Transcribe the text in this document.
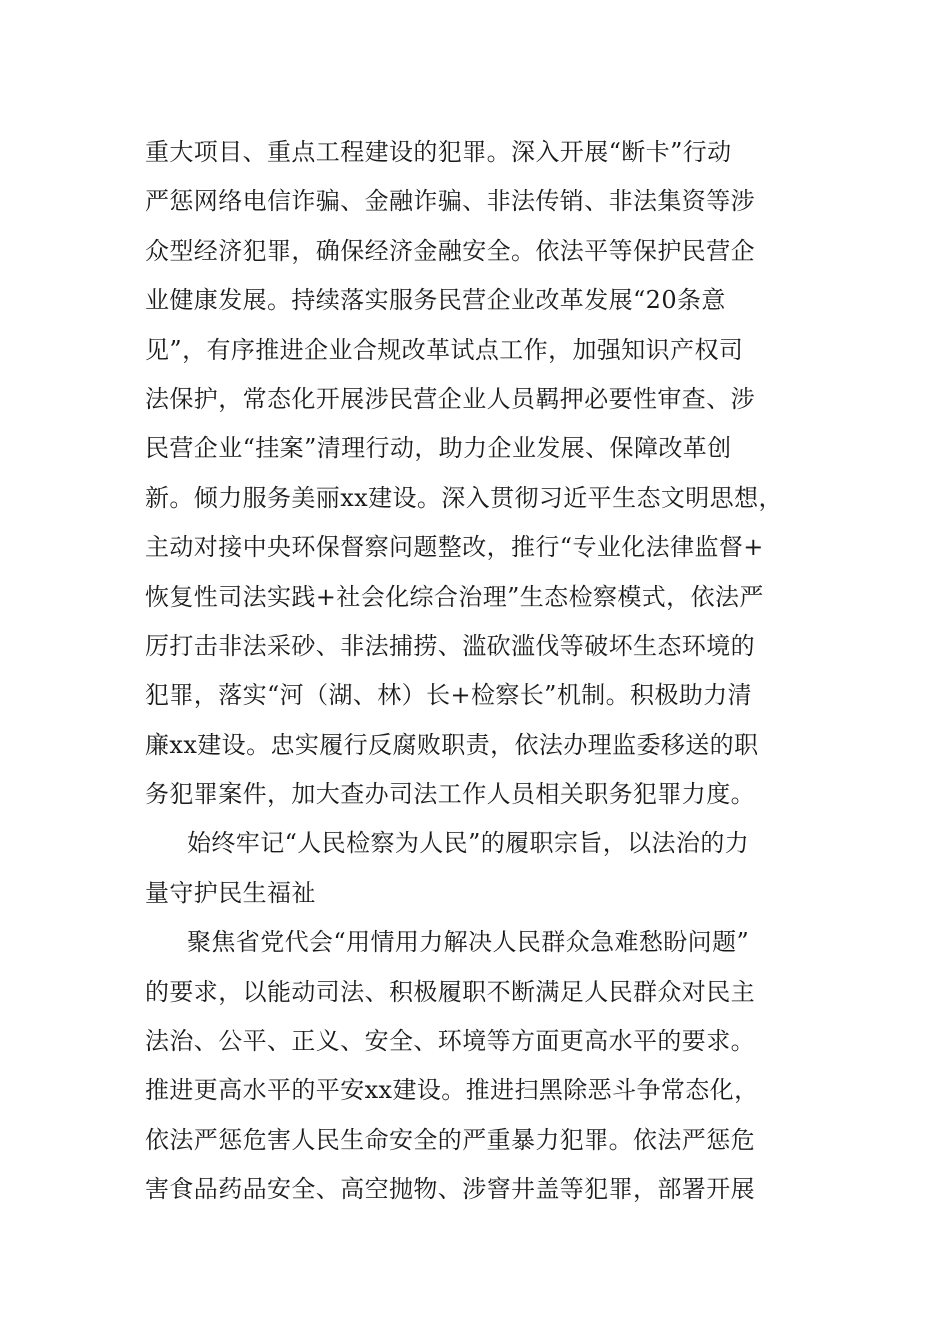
重大项目、重点工程建设的犯罪。深入开展“断卡”行动
严惩网络电信诈骗、金融诈骗、非法传销、非法集资等涉
众型经济犯罪，确保经济金融安全。依法平等保护民营企
业健康发展。持续落实服务民营企业改革发展“20条意
见”，有序推进企业合规改革试点工作，加强知识产权司
法保护，常态化开展涉民营企业人员羁押必要性审查、涉
民营企业“挂案”清理行动，助力企业发展、保障改革创
新。倾力服务美丽xx建设。深入贯彻习近平生态文明思想，
主动对接中央环保督察问题整改，推行“专业化法律监督+
恢复性司法实践+社会化综合治理”生态检察模式，依法严
厉打击非法采砂、非法捕捞、滥砍滥伐等破坏生态环境的
犯罪，落实“河（湖、林）长+检察长”机制。积极助力清
廉xx建设。忠实履行反腐败职责，依法办理监委移送的职
务犯罪案件，加大查办司法工作人员相关职务犯罪力度。
始终牢记“人民检察为人民”的履职宗旨，以法治的力
量守护民生福祉
聚焦省党代会“用情用力解决人民群众急难愁盼问题”
的要求，以能动司法、积极履职不断满足人民群众对民主
法治、公平、正义、安全、环境等方面更高水平的要求。
推进更高水平的平安xx建设。推进扫黑除恶斗争常态化，
依法严惩危害人民生命安全的严重暴力犯罪。依法严惩危
害食品药品安全、高空抛物、涉窨井盖等犯罪，部署开展
